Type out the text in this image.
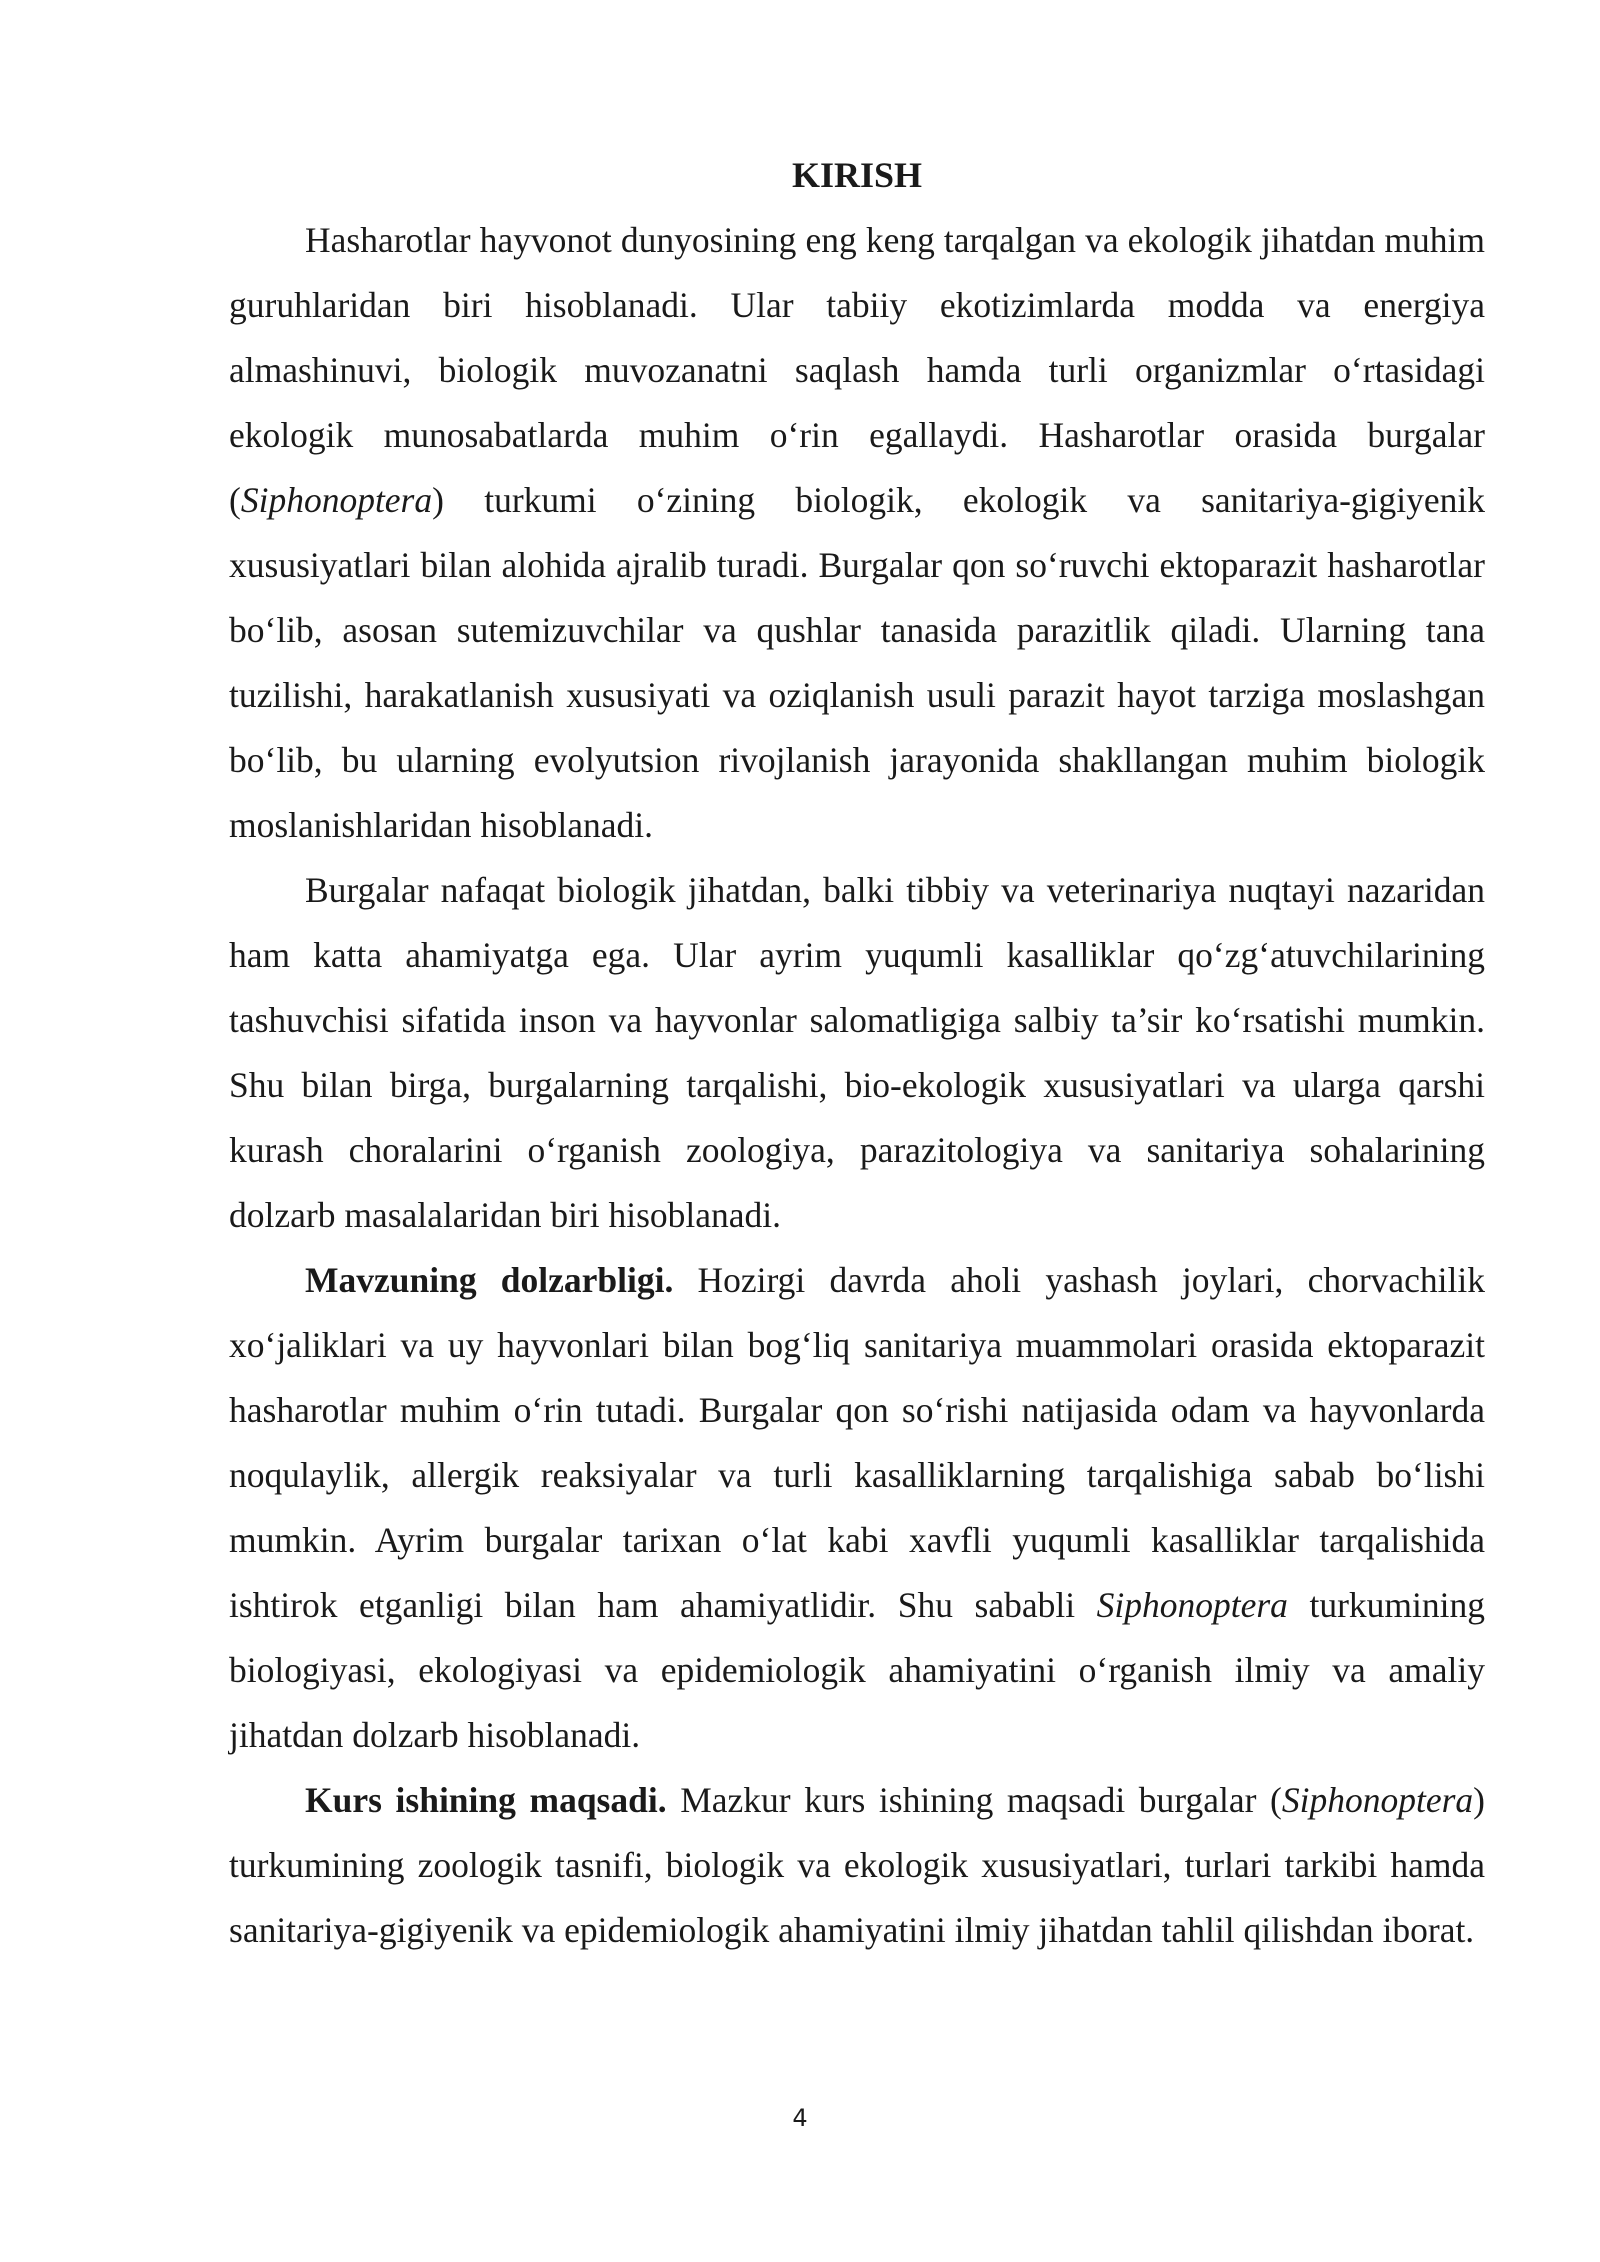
KIRISH

Hasharotlar hayvonot dunyosining eng keng tarqalgan va ekologik jihatdan muhim guruhlaridan biri hisoblanadi. Ular tabiiy ekotizimlarda modda va energiya almashinuvi, biologik muvozanatni saqlash hamda turli organizmlar o‘rtasidagi ekologik munosabatlarda muhim o‘rin egallaydi. Hasharotlar orasida burgalar (Siphonoptera) turkumi o‘zining biologik, ekologik va sanitariya-gigiyenik xususiyatlari bilan alohida ajralib turadi. Burgalar qon so‘ruvchi ektoparazit hasharotlar bo‘lib, asosan sutemizuvchilar va qushlar tanasida parazitlik qiladi. Ularning tana tuzilishi, harakatlanish xususiyati va oziqlanish usuli parazit hayot tarziga moslashgan bo‘lib, bu ularning evolyutsion rivojlanish jarayonida shakllangan muhim biologik moslanishlaridan hisoblanadi.

Burgalar nafaqat biologik jihatdan, balki tibbiy va veterinariya nuqtayi nazaridan ham katta ahamiyatga ega. Ular ayrim yuqumli kasalliklar qo‘zg‘atuvchilarining tashuvchisi sifatida inson va hayvonlar salomatligiga salbiy ta’sir ko‘rsatishi mumkin. Shu bilan birga, burgalarning tarqalishi, bio-ekologik xususiyatlari va ularga qarshi kurash choralarini o‘rganish zoologiya, parazitologiya va sanitariya sohalarining dolzarb masalalaridan biri hisoblanadi.

Mavzuning dolzarbligi. Hozirgi davrda aholi yashash joylari, chorvachilik xo‘jaliklari va uy hayvonlari bilan bog‘liq sanitariya muammolari orasida ektoparazit hasharotlar muhim o‘rin tutadi. Burgalar qon so‘rishi natijasida odam va hayvonlarda noqulaylik, allergik reaksiyalar va turli kasalliklarning tarqalishiga sabab bo‘lishi mumkin. Ayrim burgalar tarixan o‘lat kabi xavfli yuqumli kasalliklar tarqalishida ishtirok etganligi bilan ham ahamiyatlidir. Shu sababli Siphonoptera turkumining biologiyasi, ekologiyasi va epidemiologik ahamiyatini o‘rganish ilmiy va amaliy jihatdan dolzarb hisoblanadi.

Kurs ishining maqsadi. Mazkur kurs ishining maqsadi burgalar (Siphonoptera) turkumining zoologik tasnifi, biologik va ekologik xususiyatlari, turlari tarkibi hamda sanitariya-gigiyenik va epidemiologik ahamiyatini ilmiy jihatdan tahlil qilishdan iborat.

4
